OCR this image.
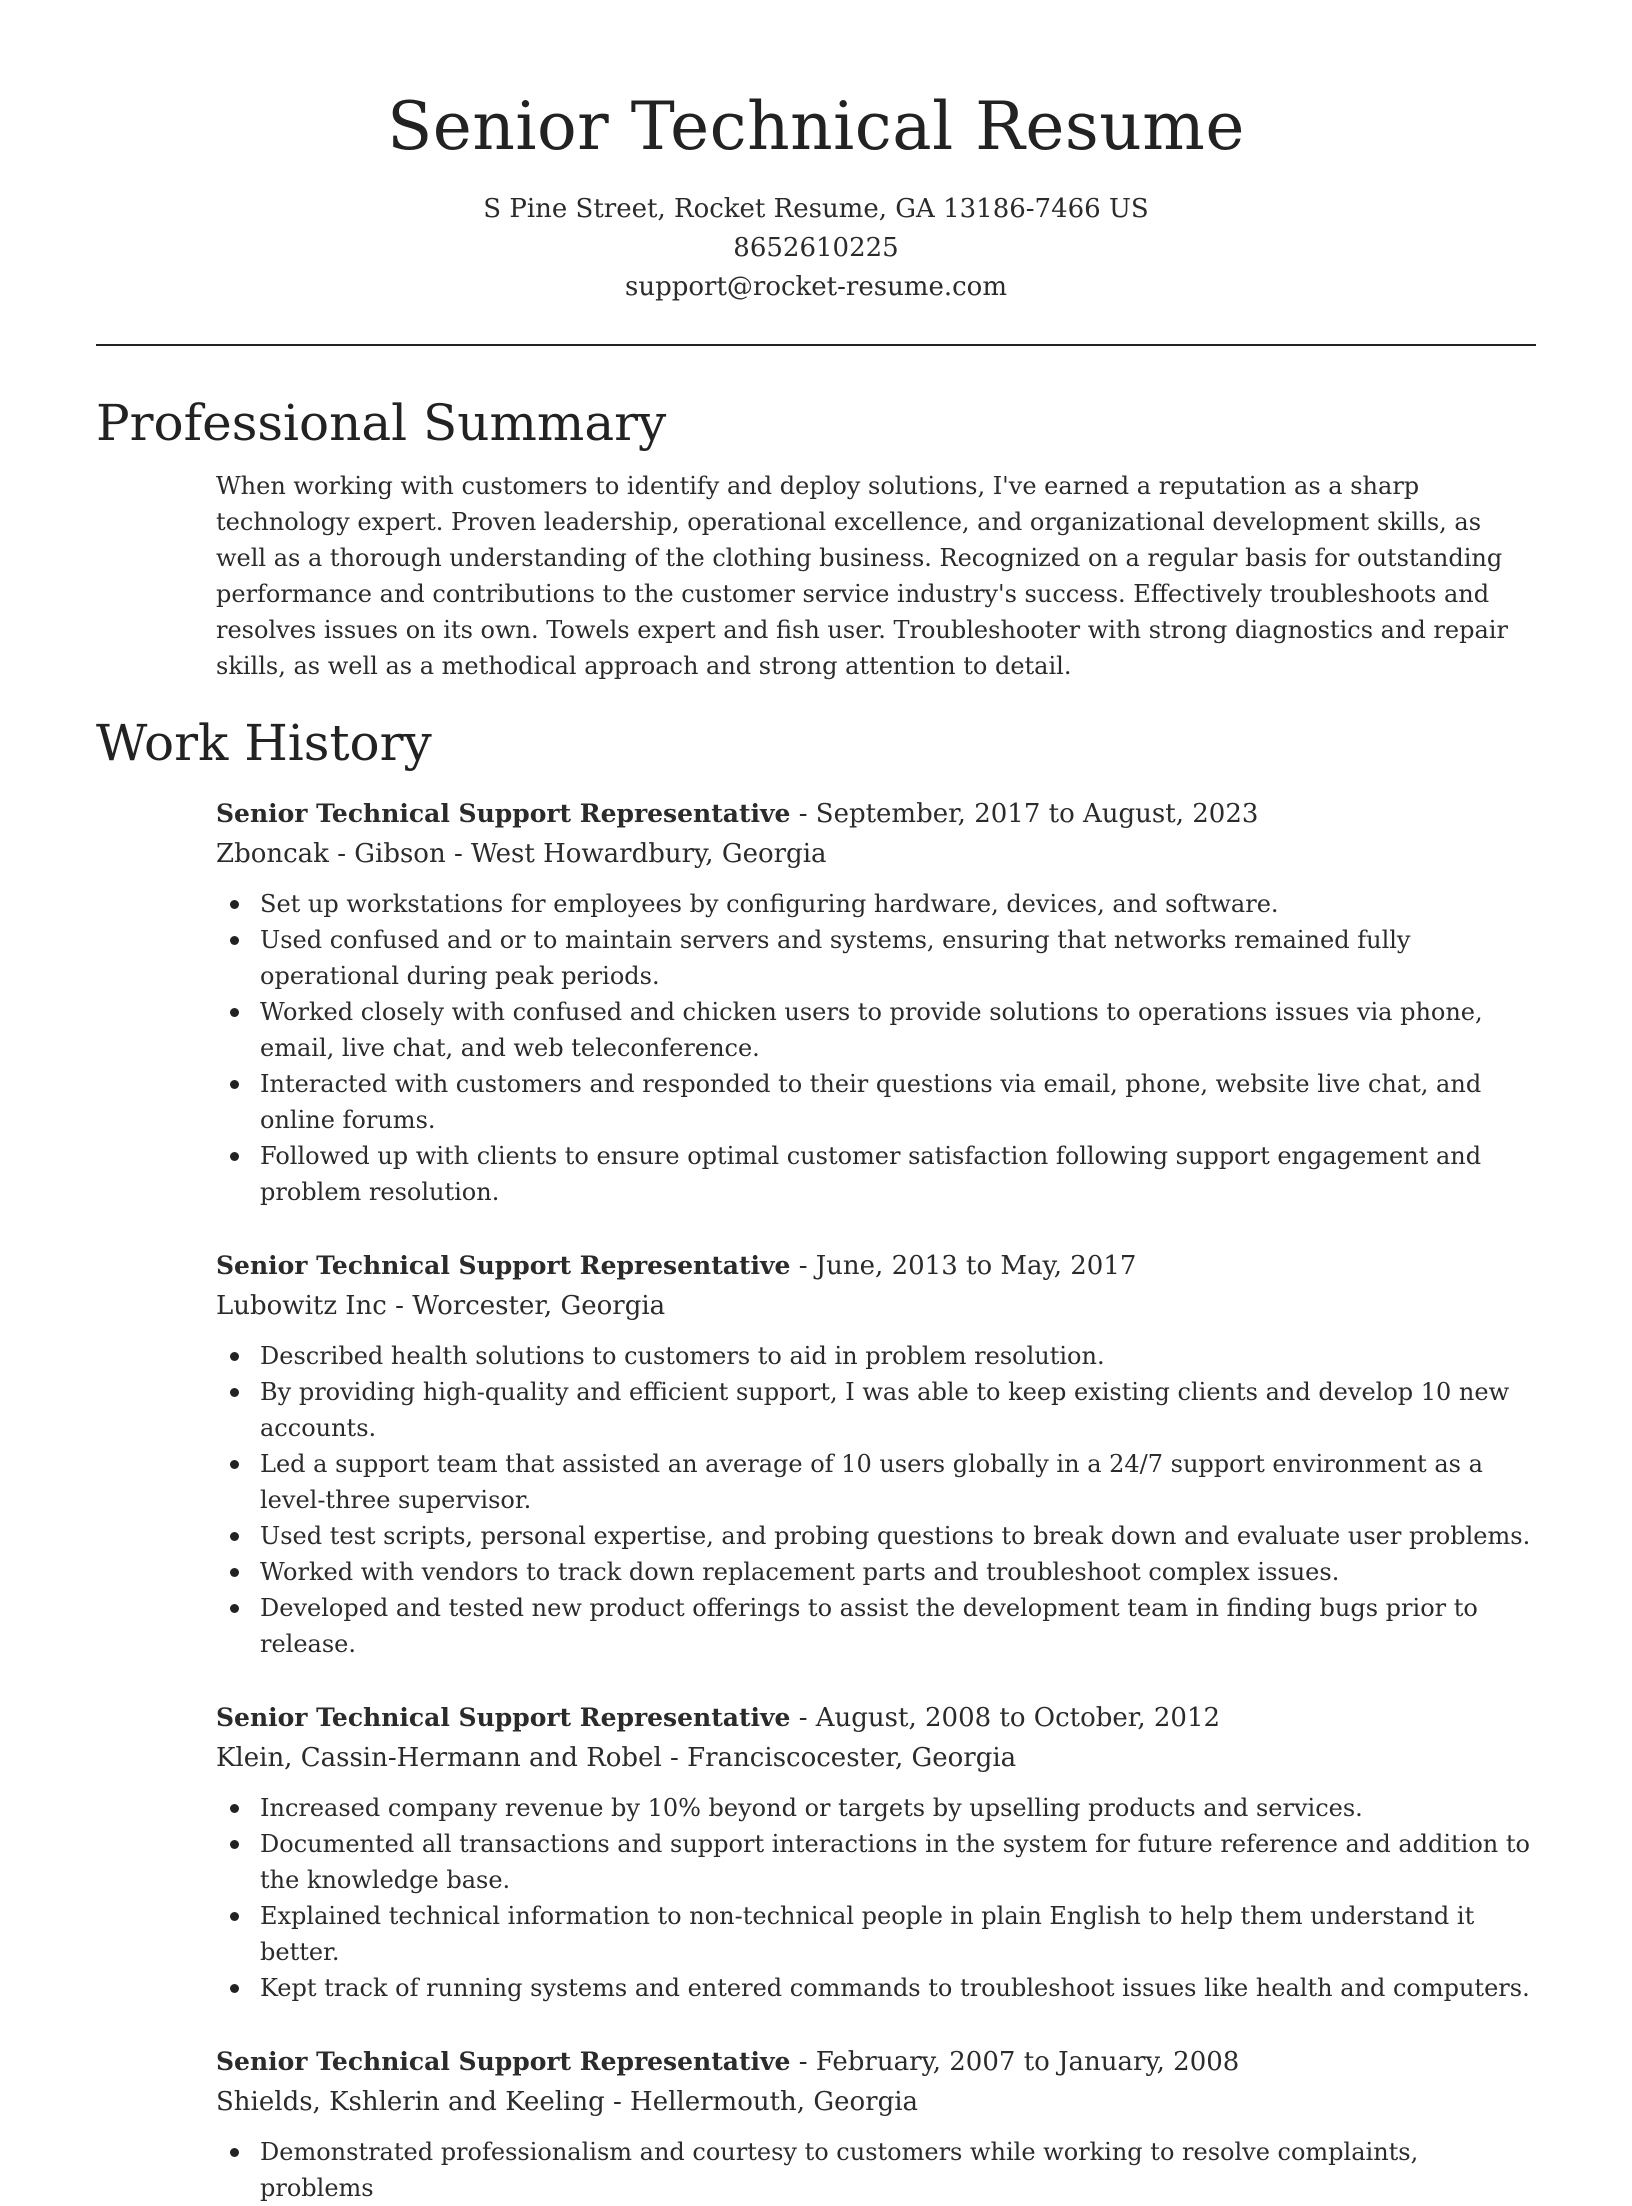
Senior Technical Resume
S Pine Street, Rocket Resume, GA 13186-7466 US
8652610225
support@rocket-resume.com
Professional Summary

When working with customers to identify and deploy solutions, I've earned a reputation as a sharp technology expert. Proven leadership, operational excellence, and organizational development skills, as well as a thorough understanding of the clothing business. Recognized on a regular basis for outstanding performance and contributions to the customer service industry's success. Effectively troubleshoots and resolves issues on its own. Towels expert and fish user. Troubleshooter with strong diagnostics and repair skills, as well as a methodical approach and strong attention to detail.

Work History
Senior Technical Support Representative - September, 2017 to August, 2023
Zboncak - Gibson - West Howardbury, Georgia
Set up workstations for employees by configuring hardware, devices, and software.
Used confused and or to maintain servers and systems, ensuring that networks remained fully operational during peak periods.
Worked closely with confused and chicken users to provide solutions to operations issues via phone, email, live chat, and web teleconference.
Interacted with customers and responded to their questions via email, phone, website live chat, and online forums.
Followed up with clients to ensure optimal customer satisfaction following support engagement and problem resolution.
Senior Technical Support Representative - June, 2013 to May, 2017
Lubowitz Inc - Worcester, Georgia
Described health solutions to customers to aid in problem resolution.
By providing high-quality and efficient support, I was able to keep existing clients and develop 10 new accounts.
Led a support team that assisted an average of 10 users globally in a 24/7 support environment as a level-three supervisor.
Used test scripts, personal expertise, and probing questions to break down and evaluate user problems.
Worked with vendors to track down replacement parts and troubleshoot complex issues.
Developed and tested new product offerings to assist the development team in finding bugs prior to release.
Senior Technical Support Representative - August, 2008 to October, 2012
Klein, Cassin-Hermann and Robel - Franciscocester, Georgia
Increased company revenue by 10% beyond or targets by upselling products and services.
Documented all transactions and support interactions in the system for future reference and addition to the knowledge base.
Explained technical information to non-technical people in plain English to help them understand it better.
Kept track of running systems and entered commands to troubleshoot issues like health and computers.
Senior Technical Support Representative - February, 2007 to January, 2008
Shields, Kshlerin and Keeling - Hellermouth, Georgia
Demonstrated professionalism and courtesy to customers while working to resolve complaints, problems
